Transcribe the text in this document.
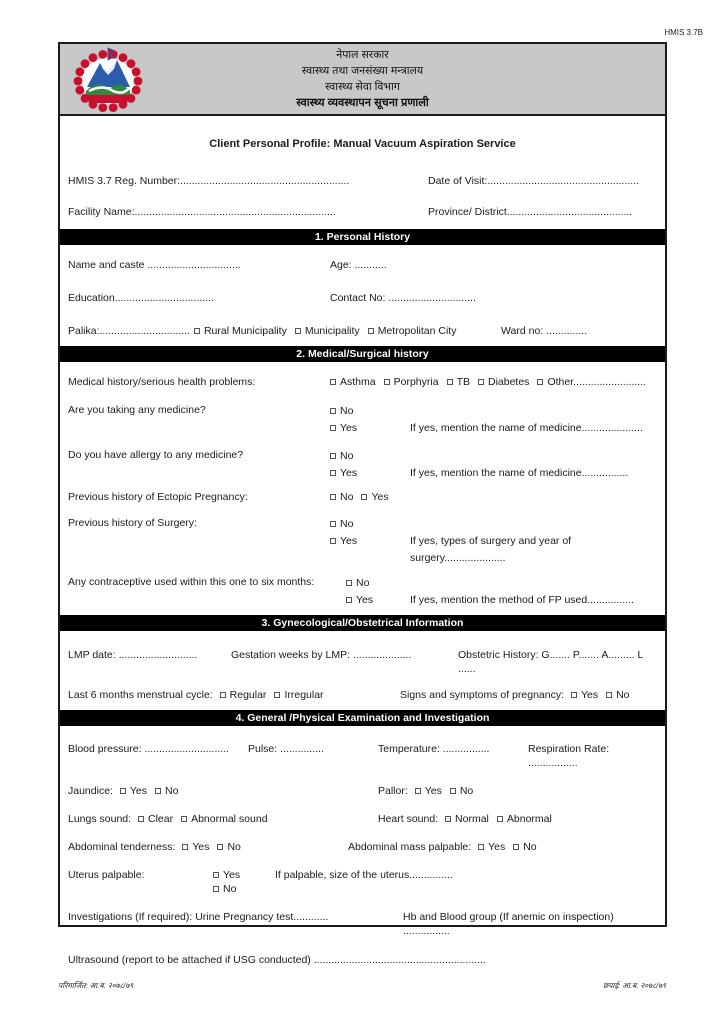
HMIS 3.7B
नेपाल सरकार
स्वास्थ्य तथा जनसंख्या मन्त्रालय
स्वास्थ्य सेवा विभाग
स्वास्थ्य व्यवस्थापन सूचना प्रणाली
Client Personal Profile: Manual Vacuum Aspiration Service
HMIS 3.7 Reg. Number:..........................................................	Date of Visit:....................................................
Facility Name:.....................................................................	Province/ District...........................................
1. Personal History
Name and caste ................................	Age: ...........
Education..................................	Contact No: ..............................
Palika:...............................	Rural Municipality	Municipality	Metropolitan City	Ward no: ..............
2. Medical/Surgical history
Medical history/serious health problems:	Asthma Porphyria TB Diabetes Other.........................
Are you taking any medicine?	No
Yes	If yes, mention the name of medicine.....................
Do you have allergy to any medicine?	No
Yes	If yes, mention the name of medicine................
Previous history of Ectopic Pregnancy:	No Yes
Previous history of Surgery:	No
Yes	If yes, types of surgery and year of surgery.....................
Any contraceptive used within this one to six months:	No
Yes	If yes, mention the method of FP used................
3. Gynecological/Obstetrical Information
LMP date: ...........................	Gestation weeks by LMP: ....................	Obstetric History: G....... P....... A......... L ......
Last 6 months menstrual cycle: Regular Irregular	Signs and symptoms of pregnancy: Yes No
4. General /Physical Examination and Investigation
Blood pressure: .............................	Pulse: ...............	Temperature: ................	Respiration Rate: .................
Jaundice: Yes No	Pallor: Yes No
Lungs sound: Clear Abnormal sound	Heart sound: Normal Abnormal
Abdominal tenderness: Yes No	Abdominal mass palpable: Yes No
Uterus palpable:	YesNo
If palpable, size of the uterus...............
Investigations (If required): Urine Pregnancy test............	Hb and Blood group (If anemic on inspection) ................
Ultrasound (report to be attached if USG conducted) ...........................................................
परिमार्जित: आ.ब. २०७८/७९	छपाई: आ.ब. २०७८/७९
